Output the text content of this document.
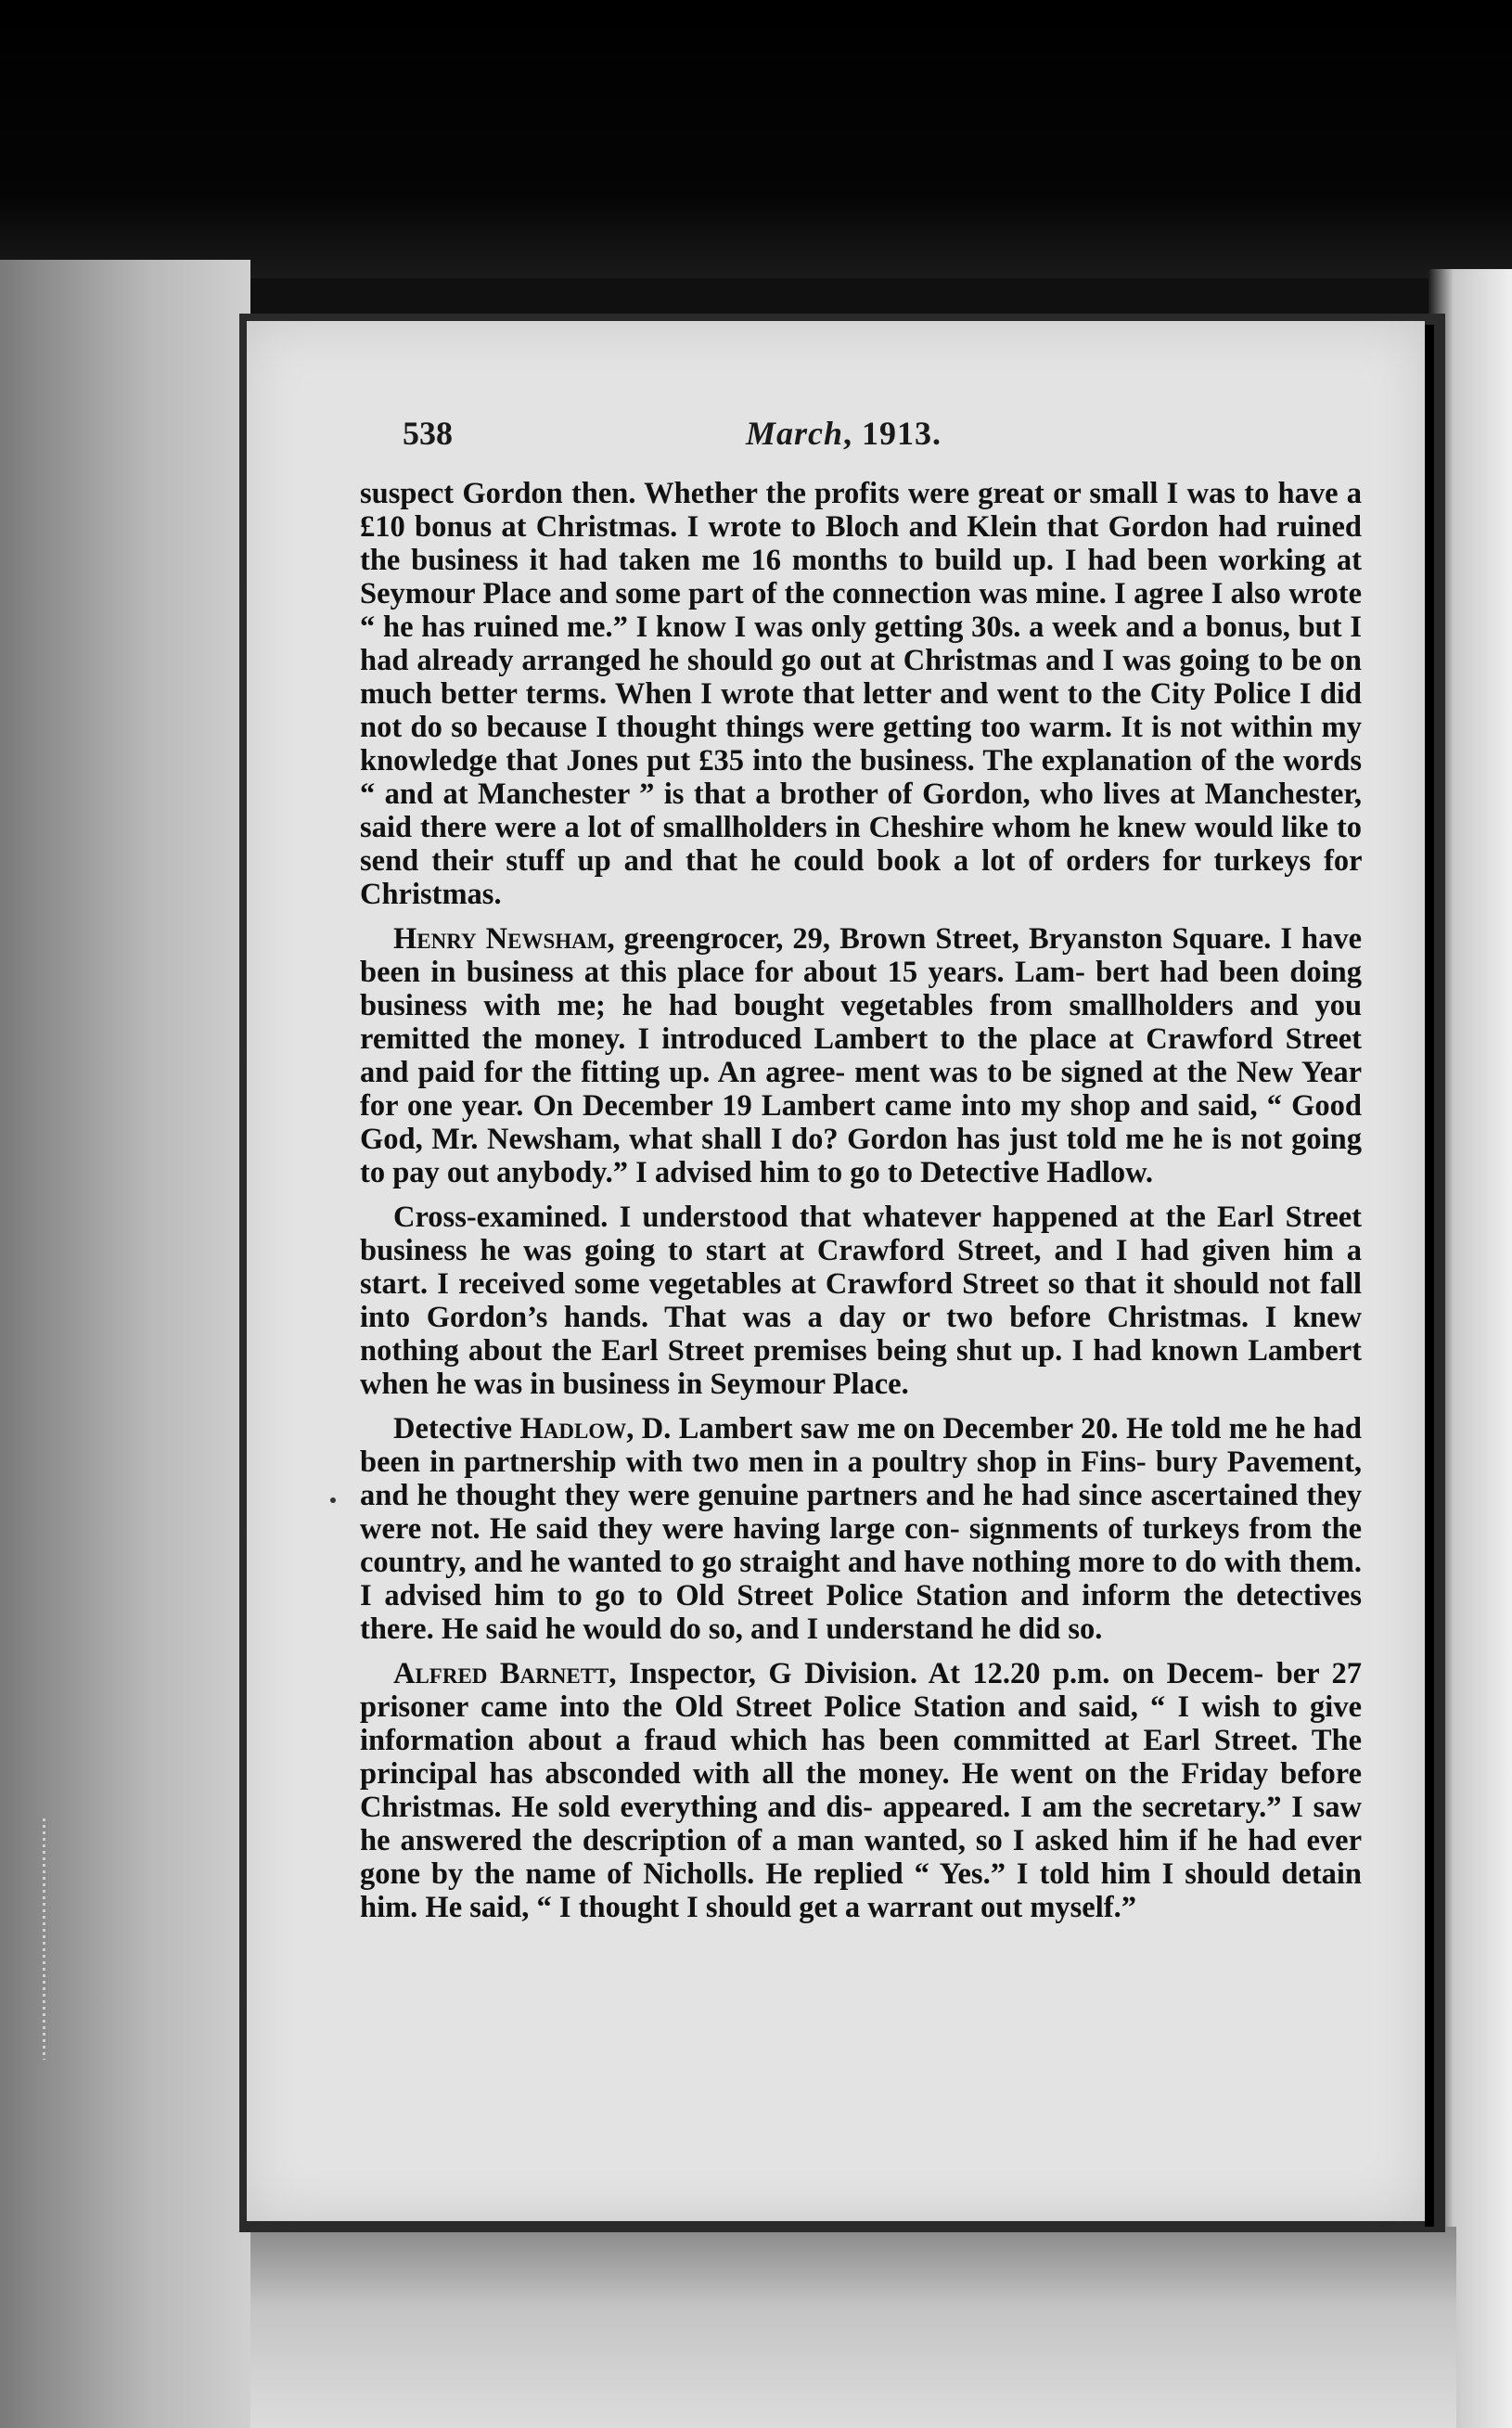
538	March, 1913.

suspect Gordon then. Whether the profits were great or small I was to have a £10 bonus at Christmas. I wrote to Bloch and Klein that Gordon had ruined the business it had taken me 16 months to build up. I had been working at Seymour Place and some part of the connection was mine. I agree I also wrote “ he has ruined me.” I know I was only getting 30s. a week and a bonus, but I had already arranged he should go out at Christmas and I was going to be on much better terms. When I wrote that letter and went to the City Police I did not do so because I thought things were getting too warm. It is not within my knowledge that Jones put £35 into the business. The explanation of the words “ and at Manchester ” is that a brother of Gordon, who lives at Manchester, said there were a lot of smallholders in Cheshire whom he knew would like to send their stuff up and that he could book a lot of orders for turkeys for Christmas.

Henry Newsham, greengrocer, 29, Brown Street, Bryanston Square. I have been in business at this place for about 15 years. Lam- bert had been doing business with me; he had bought vegetables from smallholders and you remitted the money. I introduced Lambert to the place at Crawford Street and paid for the fitting up. An agree- ment was to be signed at the New Year for one year. On December 19 Lambert came into my shop and said, “ Good God, Mr. Newsham, what shall I do? Gordon has just told me he is not going to pay out anybody.” I advised him to go to Detective Hadlow.

Cross-examined. I understood that whatever happened at the Earl Street business he was going to start at Crawford Street, and I had given him a start. I received some vegetables at Crawford Street so that it should not fall into Gordon’s hands. That was a day or two before Christmas. I knew nothing about the Earl Street premises being shut up. I had known Lambert when he was in business in Seymour Place.

Detective Hadlow, D. Lambert saw me on December 20. He told me he had been in partnership with two men in a poultry shop in Fins- bury Pavement, and he thought they were genuine partners and he had since ascertained they were not. He said they were having large con- signments of turkeys from the country, and he wanted to go straight and have nothing more to do with them. I advised him to go to Old Street Police Station and inform the detectives there. He said he would do so, and I understand he did so.

Alfred Barnett, Inspector, G Division. At 12.20 p.m. on Decem- ber 27 prisoner came into the Old Street Police Station and said, “ I wish to give information about a fraud which has been committed at Earl Street. The principal has absconded with all the money. He went on the Friday before Christmas. He sold everything and dis- appeared. I am the secretary.” I saw he answered the description of a man wanted, so I asked him if he had ever gone by the name of Nicholls. He replied “ Yes.” I told him I should detain him. He said, “ I thought I should get a warrant out myself.”
